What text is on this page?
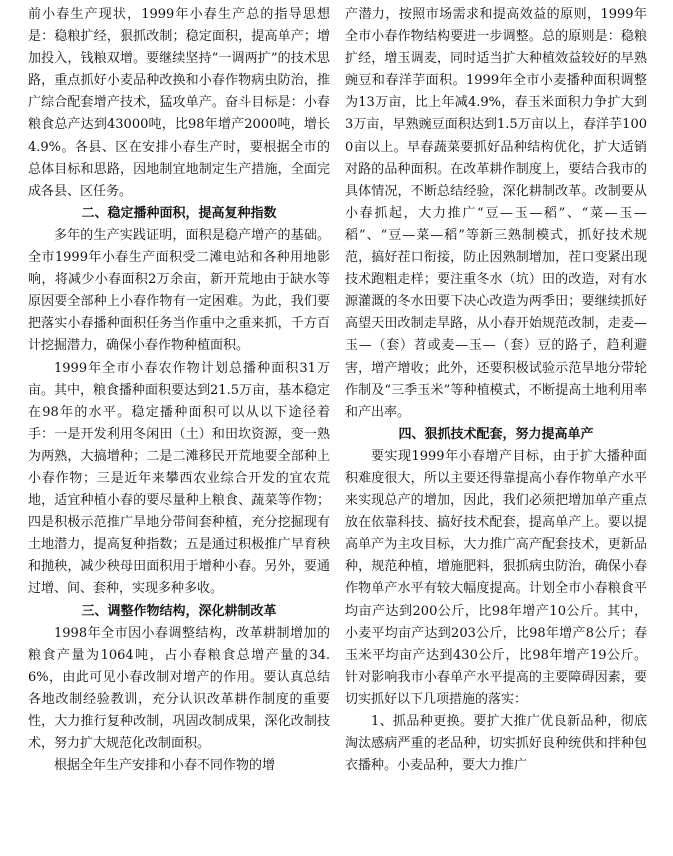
前小春生产现状，1999年小春生产总的指导思想是：稳粮扩经，狠抓改制；稳定面积，提高单产；增加投入，钱粮双增。要继续坚持“一调两扩”的技术思路，重点抓好小麦品种改换和小春作物病虫防治，推广综合配套增产技术，猛攻单产。奋斗目标是：小春粮食总产达到43000吨，比98年增产2000吨，增长4.9%。各县、区在安排小春生产时，要根据全市的总体目标和思路，因地制宜地制定生产措施，全面完成各县、区任务。

二、稳定播种面积，提高复种指数

多年的生产实践证明，面积是稳产增产的基础。全市1999年小春生产面积受二滩电站和各种用地影响，将减少小春面积2万余亩，新开荒地由于缺水等原因要全部种上小春作物有一定困难。为此，我们要把落实小春播种面积任务当作重中之重来抓，千方百计挖掘潜力，确保小春作物种植面积。

1999年全市小春农作物计划总播种面积31万亩。其中，粮食播种面积要达到21.5万亩，基本稳定在98年的水平。稳定播种面积可以从以下途径着手：一是开发利用冬闲田（土）和田坎资源，变一熟为两熟，大搞增种；二是二滩移民开荒地要全部种上小春作物；三是近年来攀西农业综合开发的宜农荒地，适宜种植小春的要尽量种上粮食、蔬菜等作物；四是积极示范推广旱地分带间套种植，充分挖掘现有土地潜力，提高复种指数；五是通过积极推广早育秧和抛秧，减少秧母田面积用于增种小春。另外，要通过增、间、套种，实现多种多收。

三、调整作物结构，深化耕制改革

1998年全市因小春调整结构，改革耕制增加的粮食产量为1064吨，占小春粮食总增产量的34.6%，由此可见小春改制对增产的作用。要认真总结各地改制经验教训，充分认识改革耕作制度的重要性，大力推行复种改制，巩固改制成果，深化改制技术，努力扩大规范化改制面积。

根据全年生产安排和小春不同作物的增

产潜力，按照市场需求和提高效益的原则，1999年全市小春作物结构要进一步调整。总的原则是：稳粮扩经，增玉调麦，同时适当扩大种植效益较好的早熟豌豆和春洋芋面积。1999年全市小麦播种面积调整为13万亩，比上年减4.9%，春玉米面积力争扩大到3万亩，早熟豌豆面积达到1.5万亩以上，春洋芋1000亩以上。早春蔬菜要抓好品种结构优化，扩大适销对路的品种面积。在改革耕作制度上，要结合我市的具体情况，不断总结经验，深化耕制改革。改制要从小春抓起，大力推广“豆—玉—稻”、“菜—玉—稻”、“豆—菜—稻”等新三熟制模式，抓好技术规范，搞好茬口衔接，防止因熟制增加，茬口变紧出现技术跑粗走样；要注重冬水（坑）田的改造，对有水源灌溉的冬水田要下决心改造为两季田；要继续抓好高望天田改制走旱路，从小春开始规范改制，走麦—玉—（套）苕或麦—玉—（套）豆的路子，趋利避害，增产增收；此外，还要积极试验示范旱地分带轮作制及“三季玉米”等种植模式，不断提高土地利用率和产出率。

四、狠抓技术配套，努力提高单产

要实现1999年小春增产目标，由于扩大播种面积难度很大，所以主要还得靠提高小春作物单产水平来实现总产的增加，因此，我们必须把增加单产重点放在依靠科技、搞好技术配套，提高单产上。要以提高单产为主攻目标，大力推广高产配套技术，更新品种，规范种植，增施肥料，狠抓病虫防治，确保小春作物单产水平有较大幅度提高。计划全市小春粮食平均亩产达到200公斤，比98年增产10公斤。其中，小麦平均亩产达到203公斤，比98年增产8公斤；春玉米平均亩产达到430公斤，比98年增产19公斤。针对影响我市小春单产水平提高的主要障碍因素，要切实抓好以下几项措施的落实：

1、抓品种更换。要扩大推广优良新品种，彻底淘汰感病严重的老品种，切实抓好良种统供和拌种包衣播种。小麦品种，要大力推广
